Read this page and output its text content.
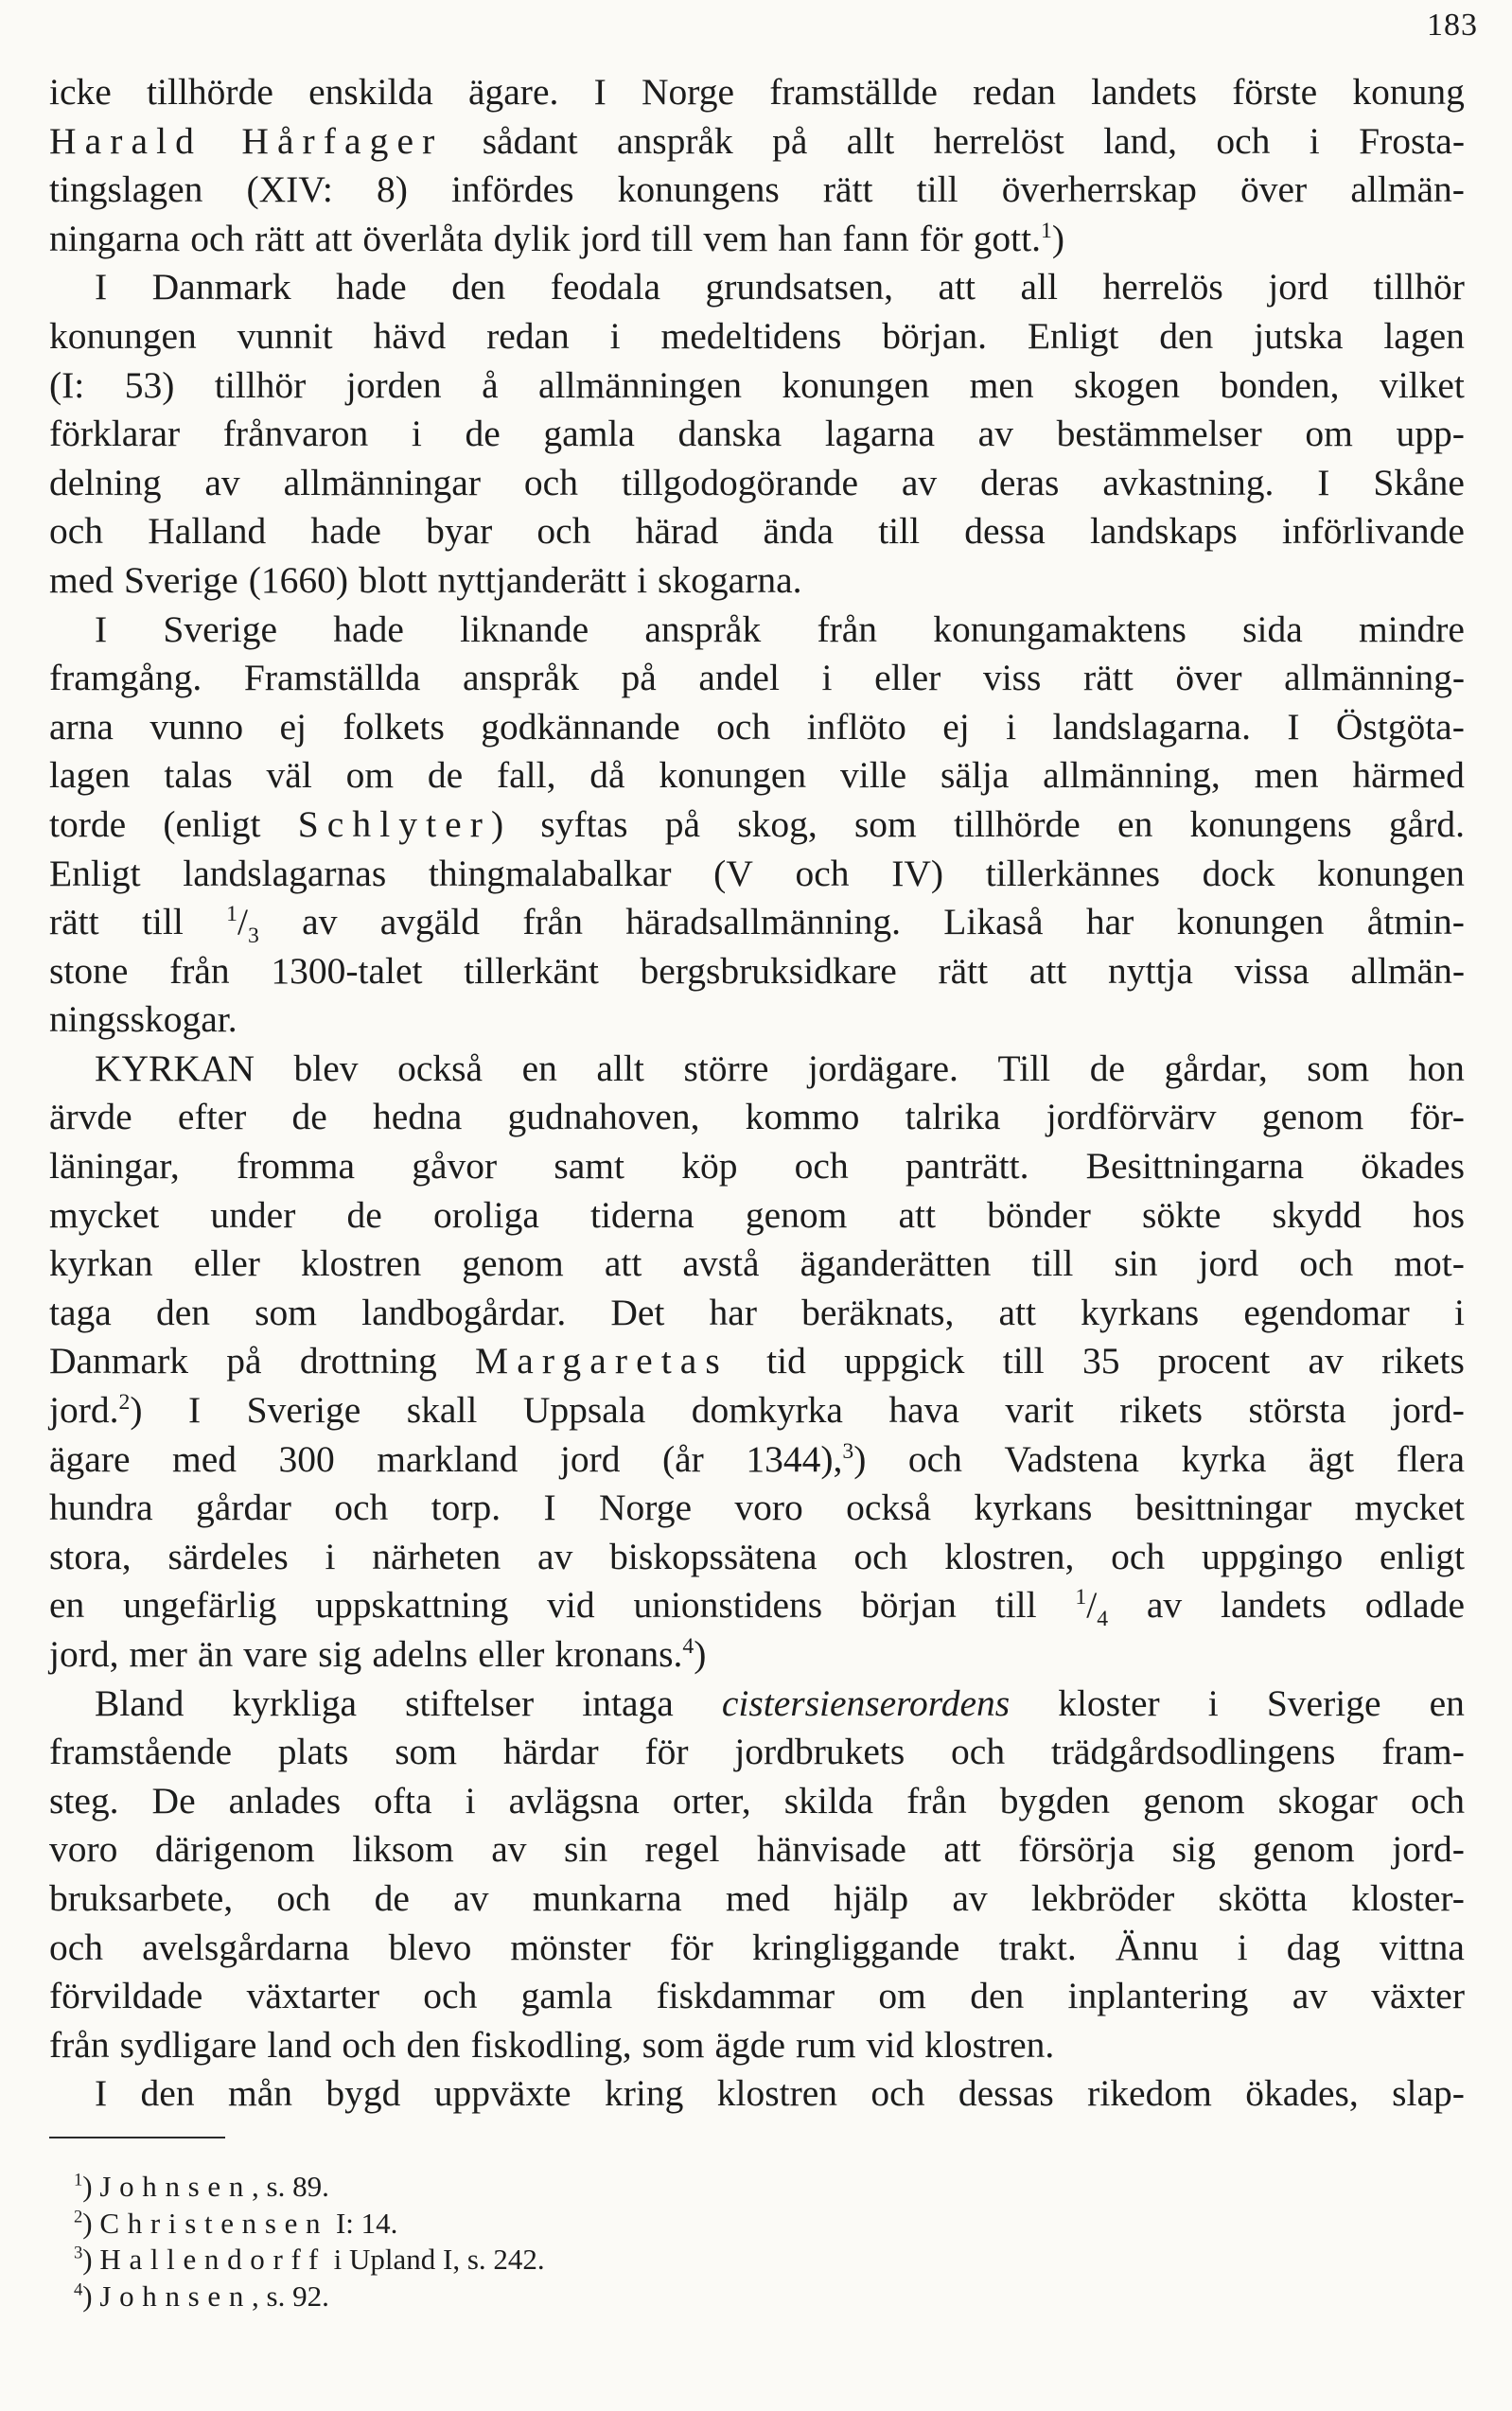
183
icke tillhörde enskilda ägare. I Norge framställde redan landets förste konung
Harald Hårfager sådant anspråk på allt herrelöst land, och i Frosta-
tingslagen (XIV: 8) infördes konungens rätt till överherrskap över allmän-
ningarna och rätt att överlåta dylik jord till vem han fann för gott.$^1$)
I Danmark hade den feodala grundsatsen, att all herrelös jord tillhör
konungen vunnit hävd redan i medeltidens början. Enligt den jutska lagen
(I: 53) tillhör jorden å allmänningen konungen men skogen bonden, vilket
förklarar frånvaron i de gamla danska lagarna av bestämmelser om upp-
delning av allmänningar och tillgodogörande av deras avkastning. I Skåne
och Halland hade byar och härad ända till dessa landskaps införlivande
med Sverige (1660) blott nyttjanderätt i skogarna.
I Sverige hade liknande anspråk från konungamaktens sida mindre
framgång. Framställda anspråk på andel i eller viss rätt över allmänning-
arna vunno ej folkets godkännande och inflöto ej i landslagarna. I Östgöta-
lagen talas väl om de fall, då konungen ville sälja allmänning, men härmed
torde (enligt Schlyter) syftas på skog, som tillhörde en konungens gård.
Enligt landslagarnas thingmalabalkar (V och IV) tillerkännes dock konungen
rätt till $^1/_3$ av avgäld från häradsallmänning. Likaså har konungen åtmin-
stone från 1300-talet tillerkänt bergsbruksidkare rätt att nyttja vissa allmän-
ningsskogar.
KYRKAN blev också en allt större jordägare. Till de gårdar, som hon
ärvde efter de hedna gudnahoven, kommo talrika jordförvärv genom för-
läningar, fromma gåvor samt köp och panträtt. Besittningarna ökades
mycket under de oroliga tiderna genom att bönder sökte skydd hos
kyrkan eller klostren genom att avstå äganderätten till sin jord och mot-
taga den som landbogårdar. Det har beräknats, att kyrkans egendomar i
Danmark på drottning Margaretas tid uppgick till 35 procent av rikets
jord.$^2$) I Sverige skall Uppsala domkyrka hava varit rikets största jord-
ägare med 300 markland jord (år 1344),$^3$) och Vadstena kyrka ägt flera
hundra gårdar och torp. I Norge voro också kyrkans besittningar mycket
stora, särdeles i närheten av biskopssätena och klostren, och uppgingo enligt
en ungefärlig uppskattning vid unionstidens början till $^1/_4$ av landets odlade
jord, mer än vare sig adelns eller kronans.$^4$)
Bland kyrkliga stiftelser intaga cistersienserordens kloster i Sverige en
framstående plats som härdar för jordbrukets och trädgårdsodlingens fram-
steg. De anlades ofta i avlägsna orter, skilda från bygden genom skogar och
voro därigenom liksom av sin regel hänvisade att försörja sig genom jord-
bruksarbete, och de av munkarna med hjälp av lekbröder skötta kloster-
och avelsgårdarna blevo mönster för kringliggande trakt. Ännu i dag vittna
förvildade växtarter och gamla fiskdammar om den inplantering av växter
från sydligare land och den fiskodling, som ägde rum vid klostren.
I den mån bygd uppväxte kring klostren och dessas rikedom ökades, slap-
$^1$) Johnsen, s. 89.
$^2$) Christensen I: 14.
$^3$) Hallendorff i Upland I, s. 242.
$^4$) Johnsen, s. 92.
